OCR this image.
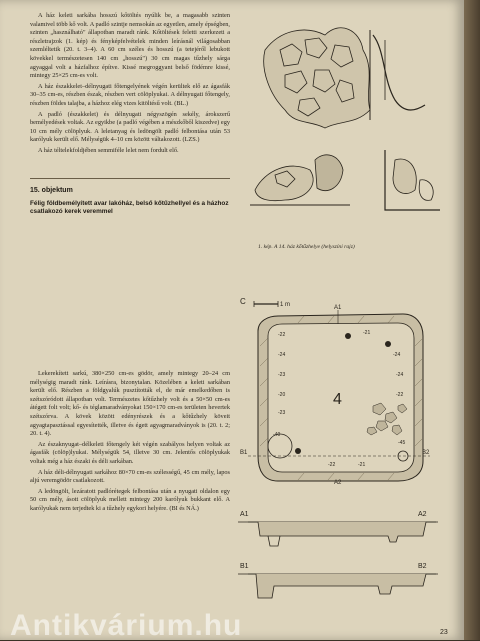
A ház keleti sarkába hosszú kőtöltés nyúlik be, a magasabb szinten valamivel több kő volt. A padló szintje nemsokán az egyetlen, amely épségben, szinten „használható" állapotban maradt ránk. Kőtöltések feletti szerkezeti a részletrajzok (1. kép) és fényképfelvételek minden leírásnál világosabban szemléltetik (20. t. 3–4). A 60 cm széles és hosszú (a tetejéről lebukott kövekkel természetesen 140 cm „hosszú") 30 cm magas tűzhely sárga agyaggal volt a házfalhoz építve. Kissé megroggyant belső födémre kissé, mintegy 25×25 cm-es volt.

A ház északkelet–délnyugati főtengelyének végén kerültek elő az ágasfák 30–35 cm-es, részben észak, részben vert cölöplyukai. A délnyugati főtengely, részben földes talajba, a házhoz elég vizes kitöltésű volt. (BL.)

A padló (északkelet) és délnyugati négyszögén sekély, árokszerű bemélyedések voltak. Az egyikbe (a padló végében a mészkőből kiszedve) egy 10 cm mély cölöplyuk. A leletanyag és ledöngölt padló felbontása után 53 karólyuk került elő. Mélységük 4–10 cm között váltakozott. (LZS.)

A ház téltelekfoldjében semmiféle lelet nem fordult elő.

15. objektum
Félig földbemélyített avar lakóház, belső kőtűzhellyel és a házhoz csatlakozó kerek veremmel

Lekerekített sarkú, 380×250 cm-es gödör, amely mintegy 20–24 cm mélységig maradt ránk. Leírásra, bizonytalan. Közelében a keleti sarkában került elő. Részben a földgyalúk pusztították el, de már emelkedőben is szétszóródott állapotban volt. Természetes kőtűzhely volt és a 50×50 cm-es átégett folt volt; kő- és téglamaradványokat 150×170 cm-es területen hevertek szétszórva. A kövek között edényrészek és a kőtűzhely köveit agyagtapasztással egyesítették, illetve és égett agyagmaradványok is (20. t. 2; 20. t. 4).

Az északnyugat–délkeleti főtengely két végén szabályos helyen voltak az ágasfák (cölöp)lyukai. Mélységük 54, illetve 30 cm. Jelentős cölöplyukak voltak még a ház északi és déli sarkában.

A ház déli-délnyugati sarkához 80×70 cm-es szélességű, 45 cm mély, lapos aljú veremgödör csatlakozott.

A ledöngölt, lezáratott padlórétegek felbontása után a nyugati oldalon egy 50 cm mély, ásott cölöplyuk mellett mintegy 200 karólyuk bukkant elő. A karólyukak nem terjedtek ki a tűzhely egykori helyére. (BI és NÁ.)

1. kép. A 14. ház kőtűzhelye (helyszíni rajz)
C	1 m	A1
A2
B1	B2
-22
-24
-23
-20
-23
-21
-24
-24
-22
-22	-21
-40
-45
4
A1	A2
B1	B2
23
Antikvárium.hu
